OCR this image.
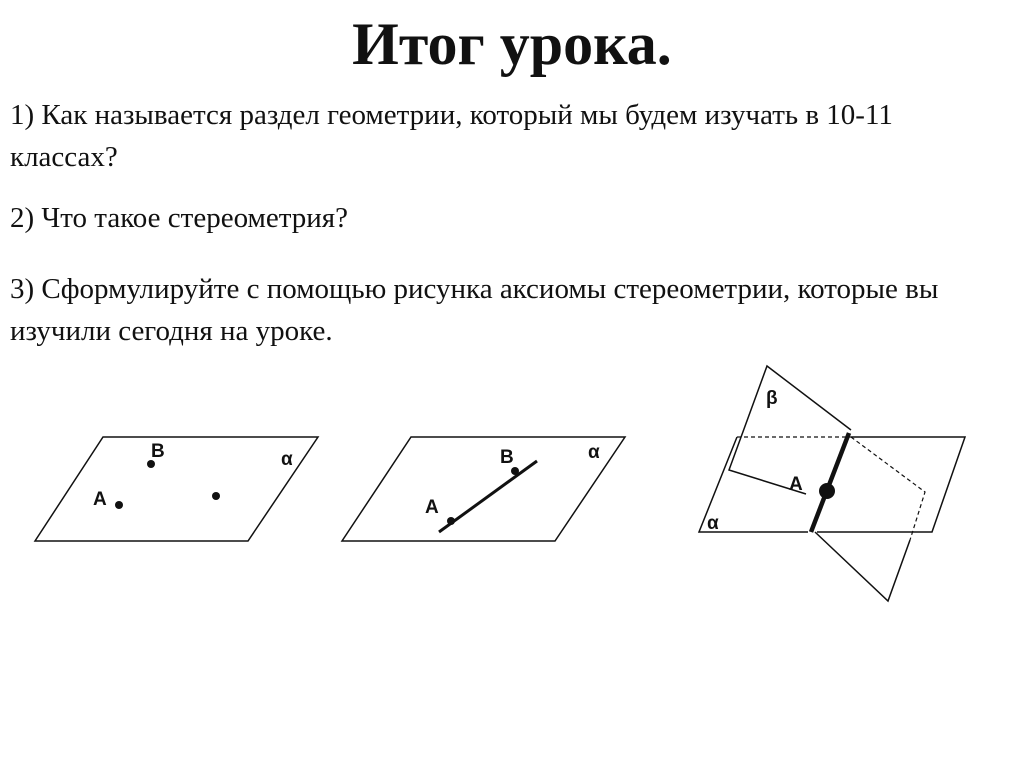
Итог урока.
1) Как называется раздел геометрии, который мы будем изучать в 10-11 классах?
2) Что такое стереометрия?
3) Сформулируйте с помощью рисунка аксиомы стереометрии, которые вы изучили сегодня на уроке.
A
B	α
A
B	α
A
β
α
